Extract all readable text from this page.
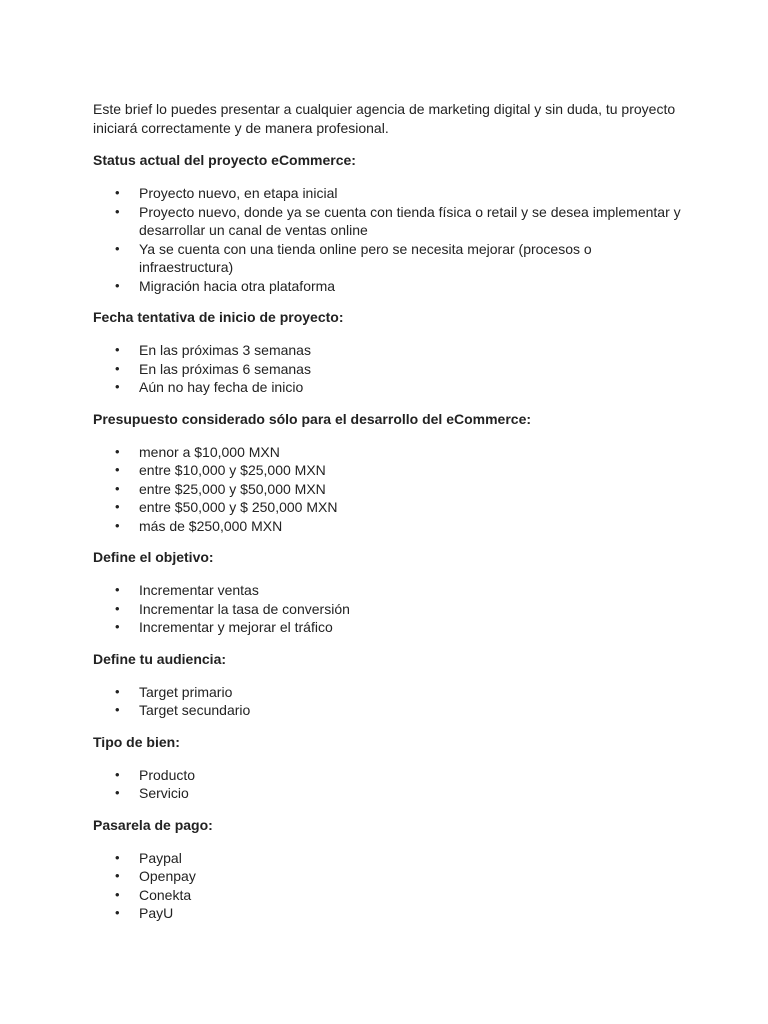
Este brief lo puedes presentar a cualquier agencia de marketing digital y sin duda, tu proyecto iniciará correctamente y de manera profesional.

Status actual del proyecto eCommerce:

• Proyecto nuevo, en etapa inicial
• Proyecto nuevo, donde ya se cuenta con tienda física o retail y se desea implementar y desarrollar un canal de ventas online
• Ya se cuenta con una tienda online pero se necesita mejorar (procesos o infraestructura)
• Migración hacia otra plataforma

Fecha tentativa de inicio de proyecto:

• En las próximas 3 semanas
• En las próximas 6 semanas
• Aún no hay fecha de inicio

Presupuesto considerado sólo para el desarrollo del eCommerce:

• menor a $10,000 MXN
• entre $10,000 y $25,000 MXN
• entre $25,000 y $50,000 MXN
• entre $50,000 y $ 250,000 MXN
• más de $250,000 MXN

Define el objetivo:

• Incrementar ventas
• Incrementar la tasa de conversión
• Incrementar y mejorar el tráfico

Define tu audiencia:

• Target primario
• Target secundario

Tipo de bien:

• Producto
• Servicio

Pasarela de pago:

• Paypal
• Openpay
• Conekta
• PayU
